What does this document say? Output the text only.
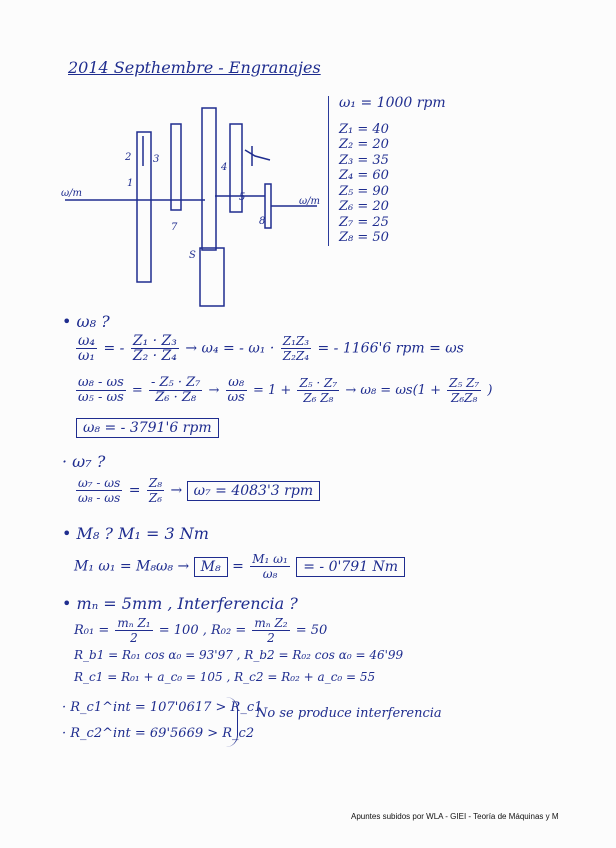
2014 Septhembre - Engranajes
ω/m
ω/m
1
2 3
4
5
7
8
S
ω₁ = 1000 rpm
Z₁ = 40
Z₂ = 20
Z₃ = 35
Z₄ = 60
Z₅ = 90
Z₆ = 20
Z₇ = 25
Z₈ = 50
• ω₈ ?
$\frac{\text{ω₄}}{\text{ω₁}}$ = - $\frac{\text{Z₁ · Z₃}}{\text{Z₂ · Z₄}} \to \omega_4$ = - $\omega_1 \cdot \frac{\text{Z₁Z₃}}{\text{Z₂Z₄}}$ = - 1166'6 rpm = ωs
$\frac{\text{ω₈ - ωs}}{\text{ω₅ - ωs}} = \frac{\text{- Z₅ · Z₇}}{\text{Z₆ · Z₈}} \to \frac{\text{ω₈}}{\omega s} = 1 + \frac{\text{Z₅ · Z₇}}{\text{Z₆ Z₈}} \to \omega_8 = \omega s(1 + \frac{\text{Z₅ Z₇}}{\text{Z₆Z₈}}$ )
ω₈ = - 3791'6 rpm
· ω₇ ?
$\frac{\text{ω₇ - ωs}}{\text{ω₈ - ωs}} = \frac{\text{Z₈}}{\text{Z₆}} \to \omega_7 = 4083'3$ rpm
• M₈ ? M₁ = 3 Nm
M₁ $\omega_1 = M_8\omega_8 \to M_8 = \frac{\text{M₁ ω₁}}{\text{ω₈}}$ = - 0'791 Nm
• mₙ = 5mm , Interferencia ?
$R_{01} = \frac{\text{mₙ Z₁}}{2} = 100$ , $R_{02} = \frac{\text{mₙ Z₂}}{2} = 50$
R_b1 = R₀₁ cos α₀ = 93'97 , R_b2 = R₀₂ cos α₀ = 46'99
R_c1 = R₀₁ + a_c₀ = 105 , R_c2 = R₀₂ + a_c₀ = 55
· R_c1^int = 107'0617 > R_c1
· R_c2^int = 69'5669 > R_c2
No se produce interferencia
Apuntes subidos por WLA - GIEI - Teoría de Máquinas y M
